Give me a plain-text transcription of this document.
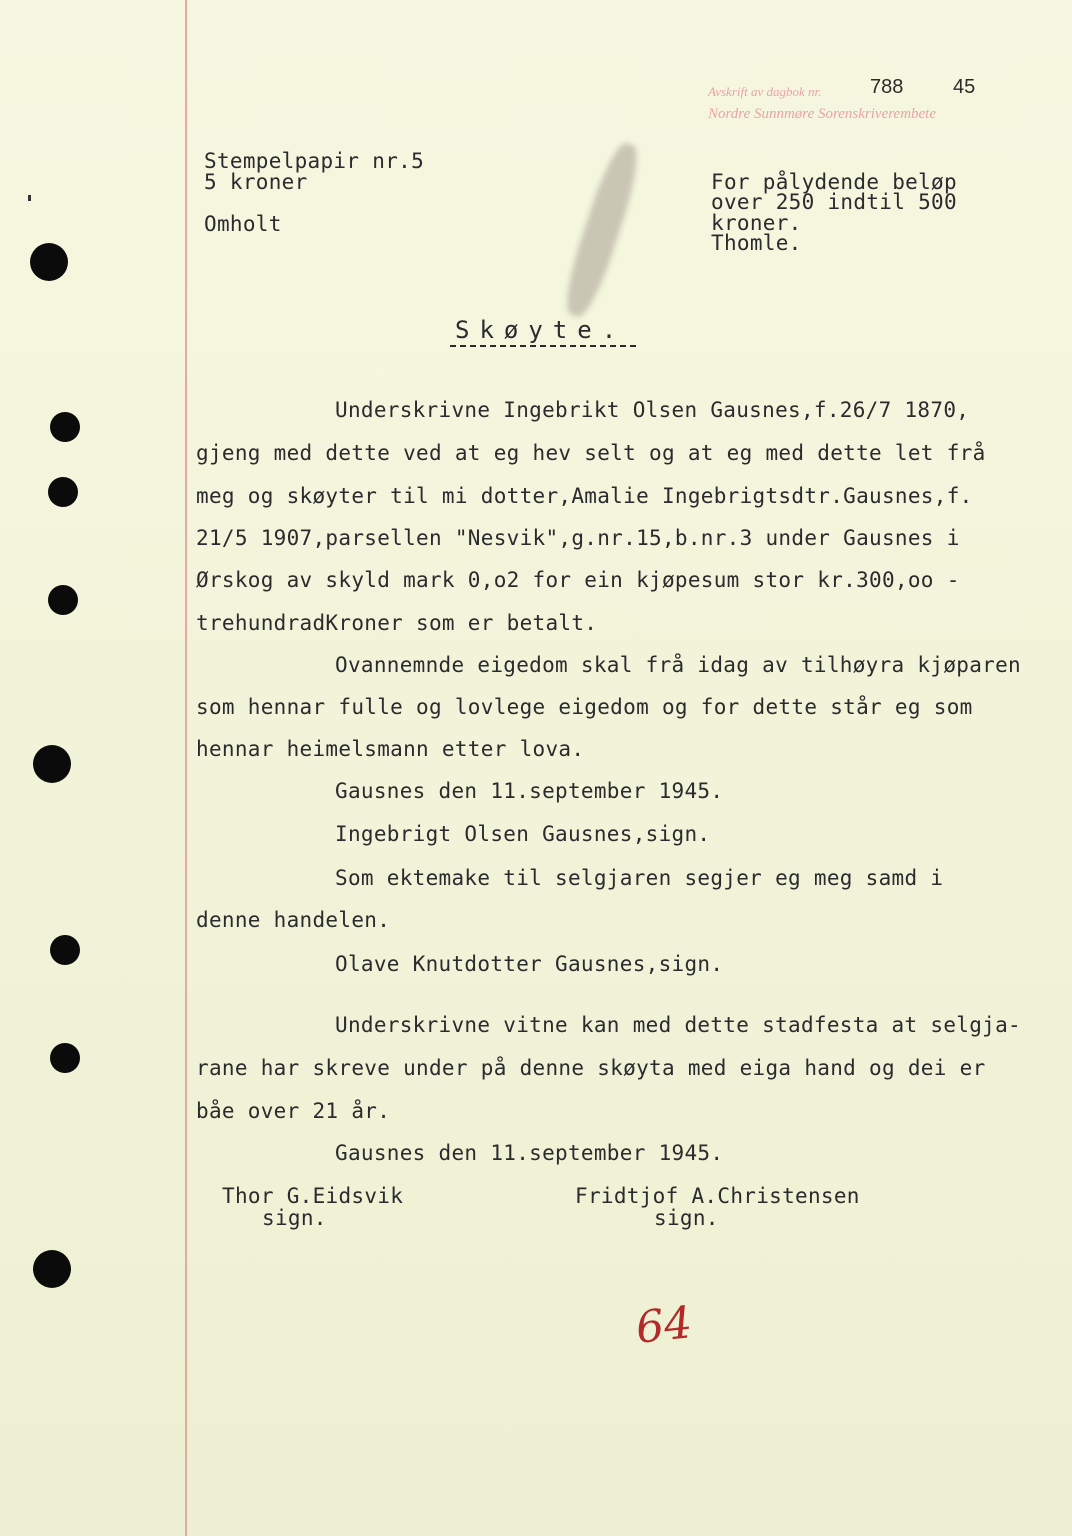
Avskrift av dagbok nr. 788 45
Nordre Sunnmøre Sorenskriverembete
Stempelpapir nr.5
5 kroner
Omholt
For pålydende beløp
over 250 indtil 500
kroner.
Thomle.
Skøyte.
Underskrivne Ingebrikt Olsen Gausnes,f.26/7 1870,
gjeng med dette ved at eg hev selt og at eg med dette let frå
meg og skøyter til mi dotter,Amalie Ingebrigtsdtr.Gausnes,f.
21/5 1907,parsellen "Nesvik",g.nr.15,b.nr.3 under Gausnes i
Ørskog av skyld mark 0,o2 for ein kjøpesum stor kr.300,oo -
trehundradKroner som er betalt.
Ovannemnde eigedom skal frå idag av tilhøyra kjøparen
som hennar fulle og lovlege eigedom og for dette står eg som
hennar heimelsmann etter lova.
Gausnes den 11.september 1945.
Ingebrigt Olsen Gausnes,sign.
Som ektemake til selgjaren segjer eg meg samd i
denne handelen.
Olave Knutdotter Gausnes,sign.
Underskrivne vitne kan med dette stadfesta at selgja-
rane har skreve under på denne skøyta med eiga hand og dei er
båe over 21 år.
Gausnes den 11.september 1945.
Thor G.Eidsvik
sign.
Fridtjof A.Christensen
sign.
64
